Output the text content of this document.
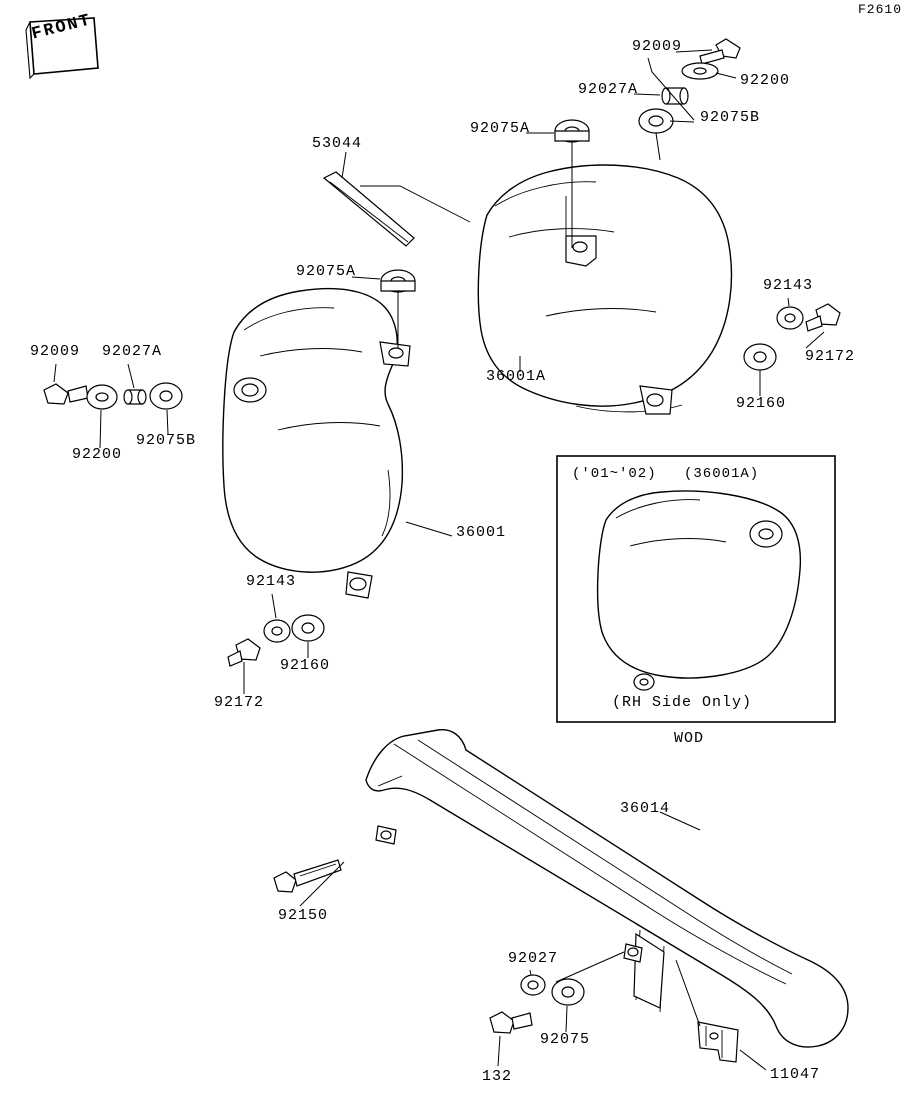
F2610
FRONT
92009
92200
92027A
92075B
92075A
53044
92075A
92143
92172
92009 92027A
36001A
92160
92200
92075B
36001
92143
92160
92172
36014
92150
92027
92075
132	11047
('01~'02) (36001A)
(RH Side Only)
WOD
